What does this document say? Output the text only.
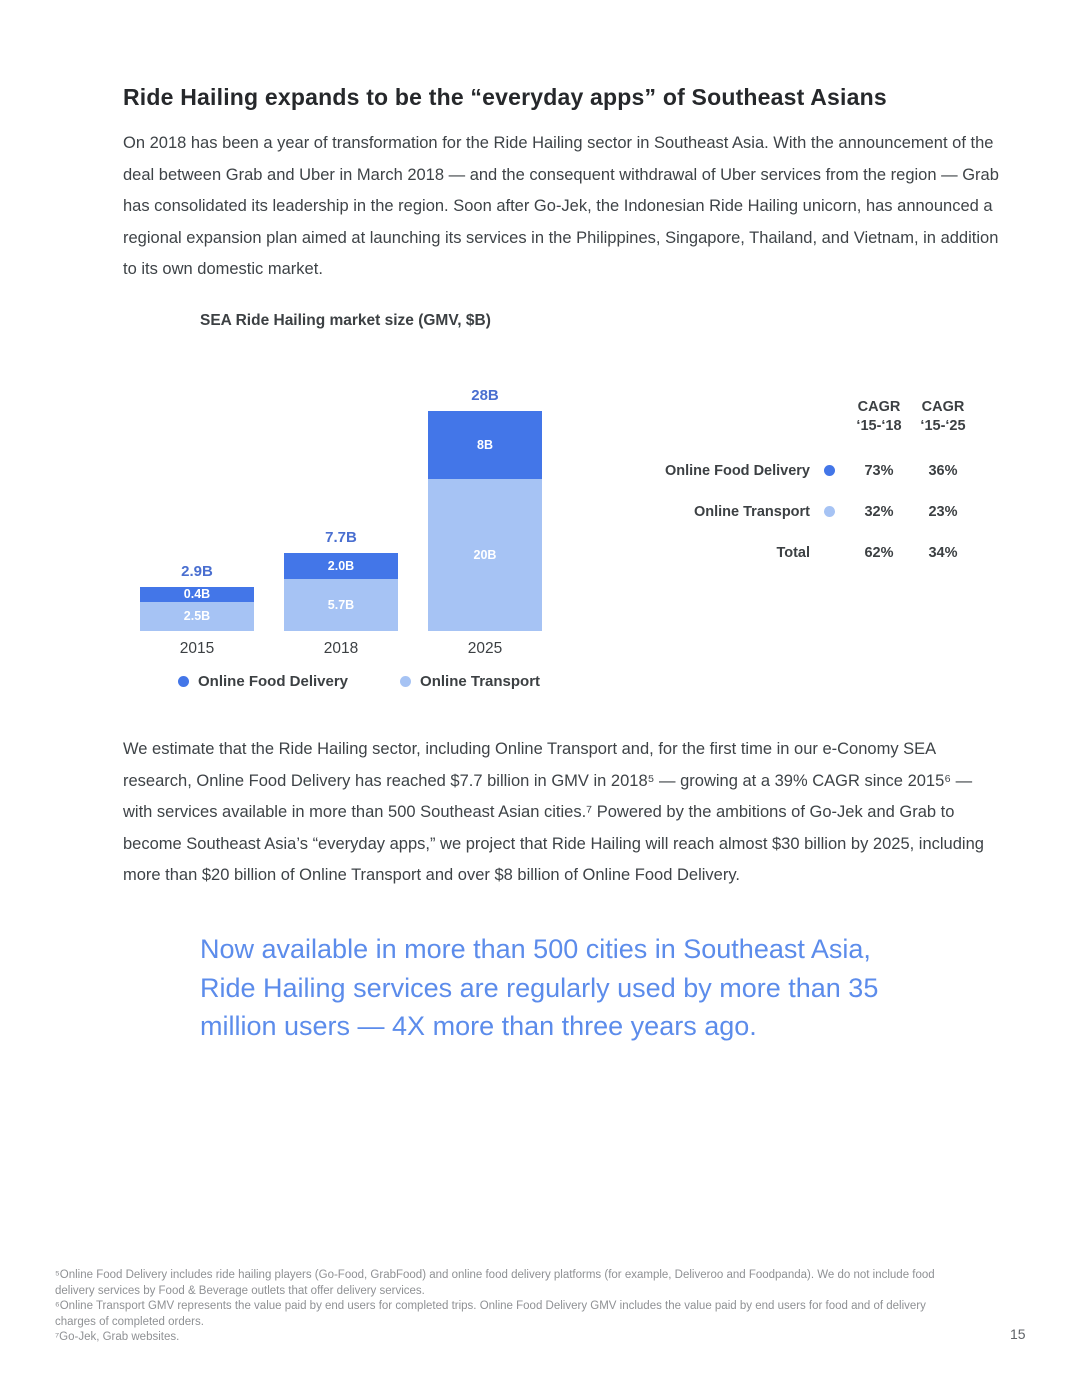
Ride Hailing expands to be the “everyday apps” of Southeast Asians

On 2018 has been a year of transformation for the Ride Hailing sector in Southeast Asia. With the announcement of the deal between Grab and Uber in March 2018 — and the consequent withdrawal of Uber services from the region — Grab has consolidated its leadership in the region. Soon after Go-Jek, the Indonesian Ride Hailing unicorn, has announced a regional expansion plan aimed at launching its services in the Philippines, Singapore, Thailand, and Vietnam, in addition to its own domestic market.

SEA Ride Hailing market size (GMV, $B)
2.9B
0.4B
2.5B
2015
7.7B
2.0B
5.7B
2018
28B
8B
20B
2025
CAGR
‘15-‘18
CAGR
‘15-‘25
Online Food Delivery	73%	36%
Online Transport	32%	23%
Total	62%	34%
Online Food Delivery	Online Transport

We estimate that the Ride Hailing sector, including Online Transport and, for the first time in our e-Conomy SEA research, Online Food Delivery has reached $7.7 billion in GMV in 2018⁵ — growing at a 39% CAGR since 2015⁶ — with services available in more than 500 Southeast Asian cities.⁷ Powered by the ambitions of Go-Jek and Grab to become Southeast Asia’s “everyday apps,” we project that Ride Hailing will reach almost $30 billion by 2025, including more than $20 billion of Online Transport and over $8 billion of Online Food Delivery.

Now available in more than 500 cities in Southeast Asia, Ride Hailing services are regularly used by more than 35 million users — 4X more than three years ago.

⁵Online Food Delivery includes ride hailing players (Go-Food, GrabFood) and online food delivery platforms (for example, Deliveroo and Foodpanda). We do not include food delivery services by Food & Beverage outlets that offer delivery services.

⁶Online Transport GMV represents the value paid by end users for completed trips. Online Food Delivery GMV includes the value paid by end users for food and of delivery charges of completed orders.

⁷Go-Jek, Grab websites.	15
